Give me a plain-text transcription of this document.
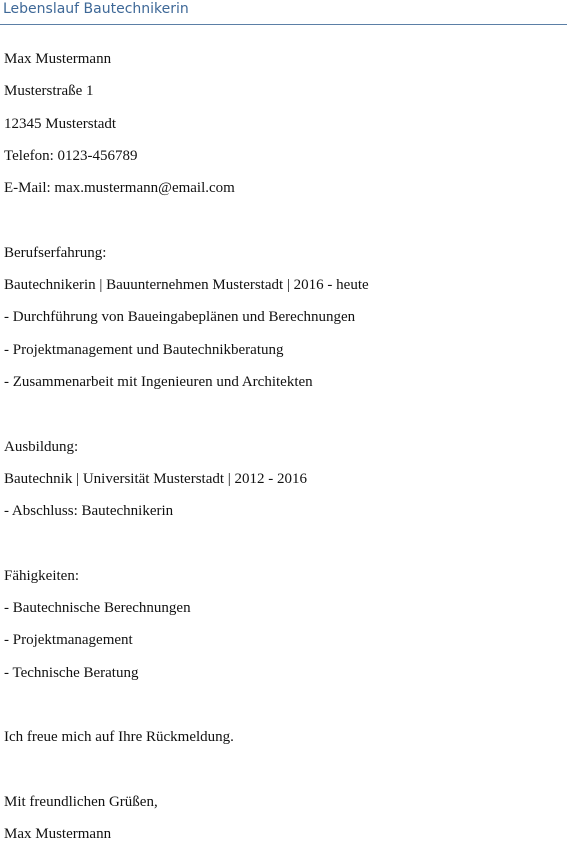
Lebenslauf Bautechnikerin
Max Mustermann
Musterstraße 1
12345 Musterstadt
Telefon: 0123-456789
E-Mail: max.mustermann@email.com
Berufserfahrung:
Bautechnikerin | Bauunternehmen Musterstadt | 2016 - heute
- Durchführung von Baueingabeplänen und Berechnungen
- Projektmanagement und Bautechnikberatung
- Zusammenarbeit mit Ingenieuren und Architekten
Ausbildung:
Bautechnik | Universität Musterstadt | 2012 - 2016
- Abschluss: Bautechnikerin
Fähigkeiten:
- Bautechnische Berechnungen
- Projektmanagement
- Technische Beratung
Ich freue mich auf Ihre Rückmeldung.
Mit freundlichen Grüßen,
Max Mustermann
